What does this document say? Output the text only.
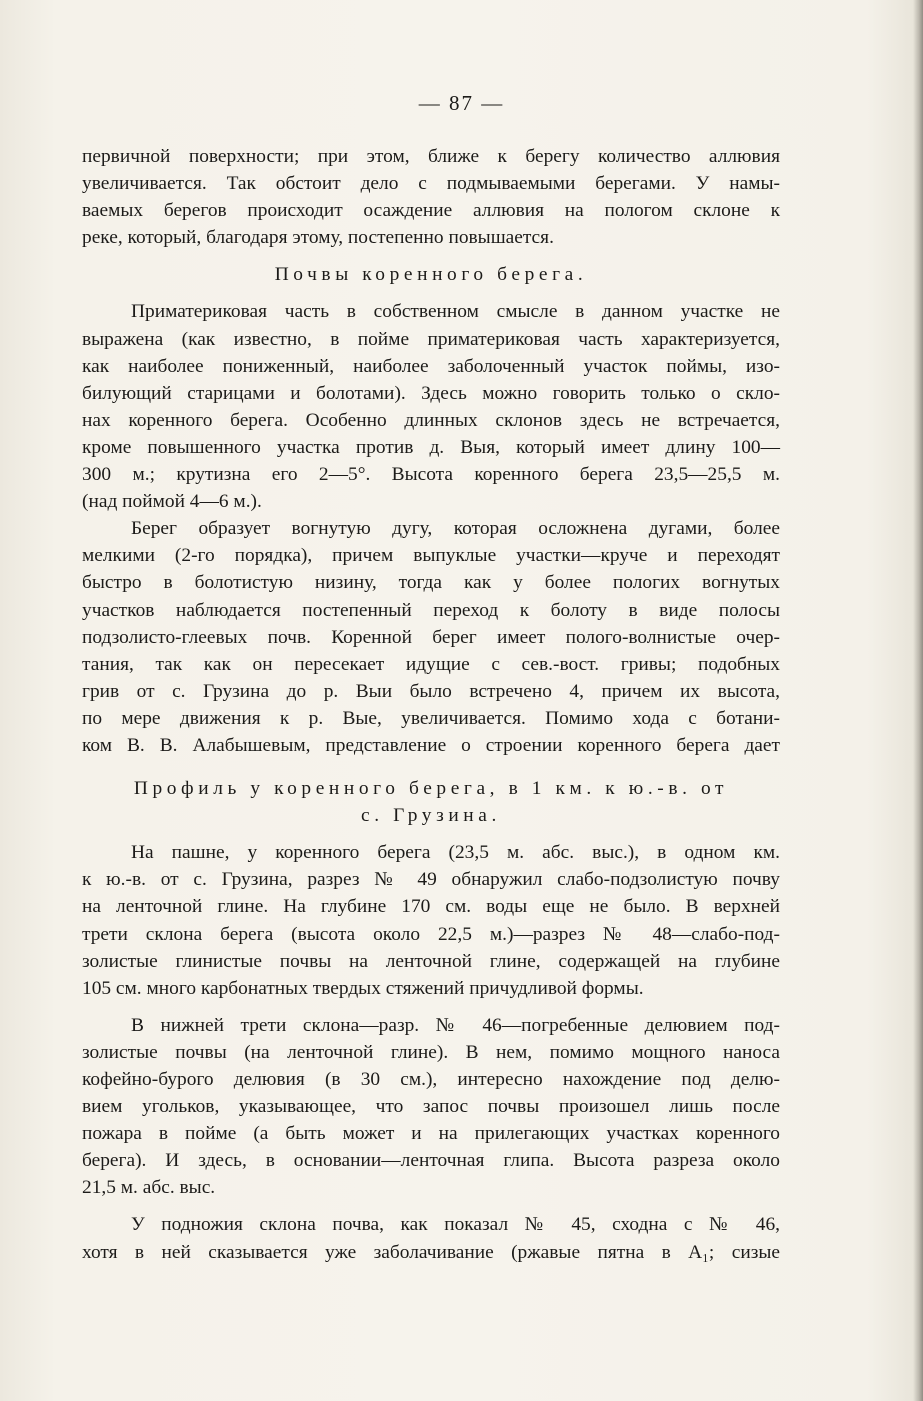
— 87 —
первичной поверхности; при этом, ближе к берегу количество аллювия
увеличивается. Так обстоит дело с подмываемыми берегами. У намы-
ваемых берегов происходит осаждение аллювия на пологом склоне к
реке, который, благодаря этому, постепенно повышается.
Почвы коренного берега.
Приматериковая часть в собственном смысле в данном участке не
выражена (как известно, в пойме приматериковая часть характеризуется,
как наиболее пониженный, наиболее заболоченный участок поймы, изо-
билующий старицами и болотами). Здесь можно говорить только о скло-
нах коренного берега. Особенно длинных склонов здесь не встречается,
кроме повышенного участка против д. Выя, который имеет длину 100—
300 м.; крутизна его 2—5°. Высота коренного берега 23,5—25,5 м.
(над поймой 4—6 м.).
Берег образует вогнутую дугу, которая осложнена дугами, более
мелкими (2-го порядка), причем выпуклые участки—круче и переходят
быстро в болотистую низину, тогда как у более пологих вогнутых
участков наблюдается постепенный переход к болоту в виде полосы
подзолисто-глеевых почв. Коренной берег имеет полого-волнистые очер-
тания, так как он пересекает идущие с сев.-вост. гривы; подобных
грив от с. Грузина до р. Выи было встречено 4, причем их высота,
по мере движения к р. Вые, увеличивается. Помимо хода с ботани-
ком В. В. Алабышевым, представление о строении коренного берега дает
Профиль у коренного берега, в 1 км. к ю.-в. от
с. Грузина.
На пашне, у коренного берега (23,5 м. абс. выс.), в одном км.
к ю.-в. от с. Грузина, разрез № 49 обнаружил слабо-подзолистую почву
на ленточной глине. На глубине 170 см. воды еще не было. В верхней
трети склона берега (высота около 22,5 м.)—разрез № 48—слабо-под-
золистые глинистые почвы на ленточной глине, содержащей на глубине
105 см. много карбонатных твердых стяжений причудливой формы.
В нижней трети склона—разр. № 46—погребенные делювием под-
золистые почвы (на ленточной глине). В нем, помимо мощного наноса
кофейно-бурого делювия (в 30 см.), интересно нахождение под делю-
вием угольков, указывающее, что запос почвы произошел лишь после
пожара в пойме (а быть может и на прилегающих участках коренного
берега). И здесь, в основании—ленточная глипа. Высота разреза около
21,5 м. абс. выс.
У подножия склона почва, как показал № 45, сходна с № 46,
хотя в ней сказывается уже заболачивание (ржавые пятна в A₁; сизые
